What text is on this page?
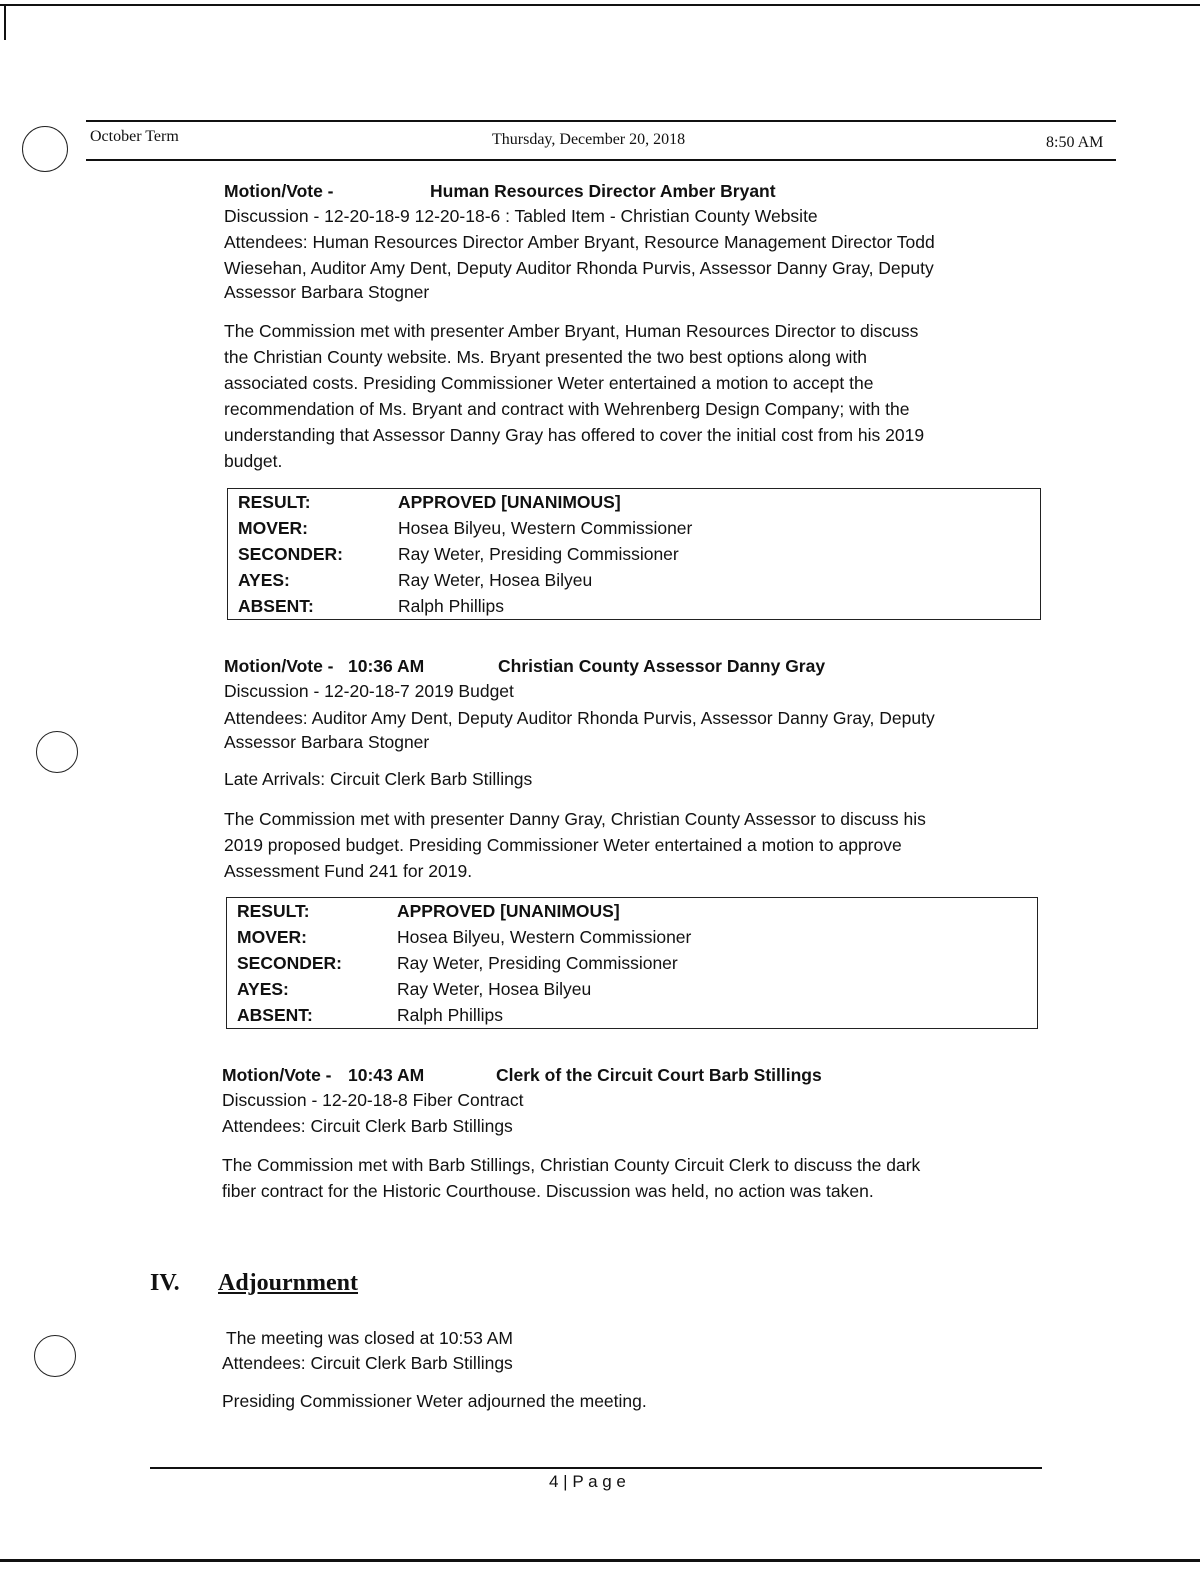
October Term	Thursday, December 20, 2018	8:50 AM
Motion/Vote -	Human Resources Director Amber Bryant
Discussion - 12-20-18-9 12-20-18-6 : Tabled Item - Christian County Website
Attendees: Human Resources Director Amber Bryant, Resource Management Director Todd
Wiesehan, Auditor Amy Dent, Deputy Auditor Rhonda Purvis, Assessor Danny Gray, Deputy
Assessor Barbara Stogner
The Commission met with presenter Amber Bryant, Human Resources Director to discuss
the Christian County website. Ms. Bryant presented the two best options along with
associated costs. Presiding Commissioner Weter entertained a motion to accept the
recommendation of Ms. Bryant and contract with Wehrenberg Design Company; with the
understanding that Assessor Danny Gray has offered to cover the initial cost from his 2019
budget.
RESULT:	APPROVED [UNANIMOUS]
MOVER:	Hosea Bilyeu, Western Commissioner
SECONDER:	Ray Weter, Presiding Commissioner
AYES:	Ray Weter, Hosea Bilyeu
ABSENT:	Ralph Phillips
Motion/Vote - 10:36 AM	Christian County Assessor Danny Gray
Discussion - 12-20-18-7 2019 Budget
Attendees: Auditor Amy Dent, Deputy Auditor Rhonda Purvis, Assessor Danny Gray, Deputy
Assessor Barbara Stogner
Late Arrivals: Circuit Clerk Barb Stillings
The Commission met with presenter Danny Gray, Christian County Assessor to discuss his
2019 proposed budget. Presiding Commissioner Weter entertained a motion to approve
Assessment Fund 241 for 2019.
RESULT:	APPROVED [UNANIMOUS]
MOVER:	Hosea Bilyeu, Western Commissioner
SECONDER:	Ray Weter, Presiding Commissioner
AYES:	Ray Weter, Hosea Bilyeu
ABSENT:	Ralph Phillips
Motion/Vote - 10:43 AM	Clerk of the Circuit Court Barb Stillings
Discussion - 12-20-18-8 Fiber Contract
Attendees: Circuit Clerk Barb Stillings
The Commission met with Barb Stillings, Christian County Circuit Clerk to discuss the dark
fiber contract for the Historic Courthouse. Discussion was held, no action was taken.
IV. Adjournment
The meeting was closed at 10:53 AM
Attendees: Circuit Clerk Barb Stillings
Presiding Commissioner Weter adjourned the meeting.
4 | P a g e
